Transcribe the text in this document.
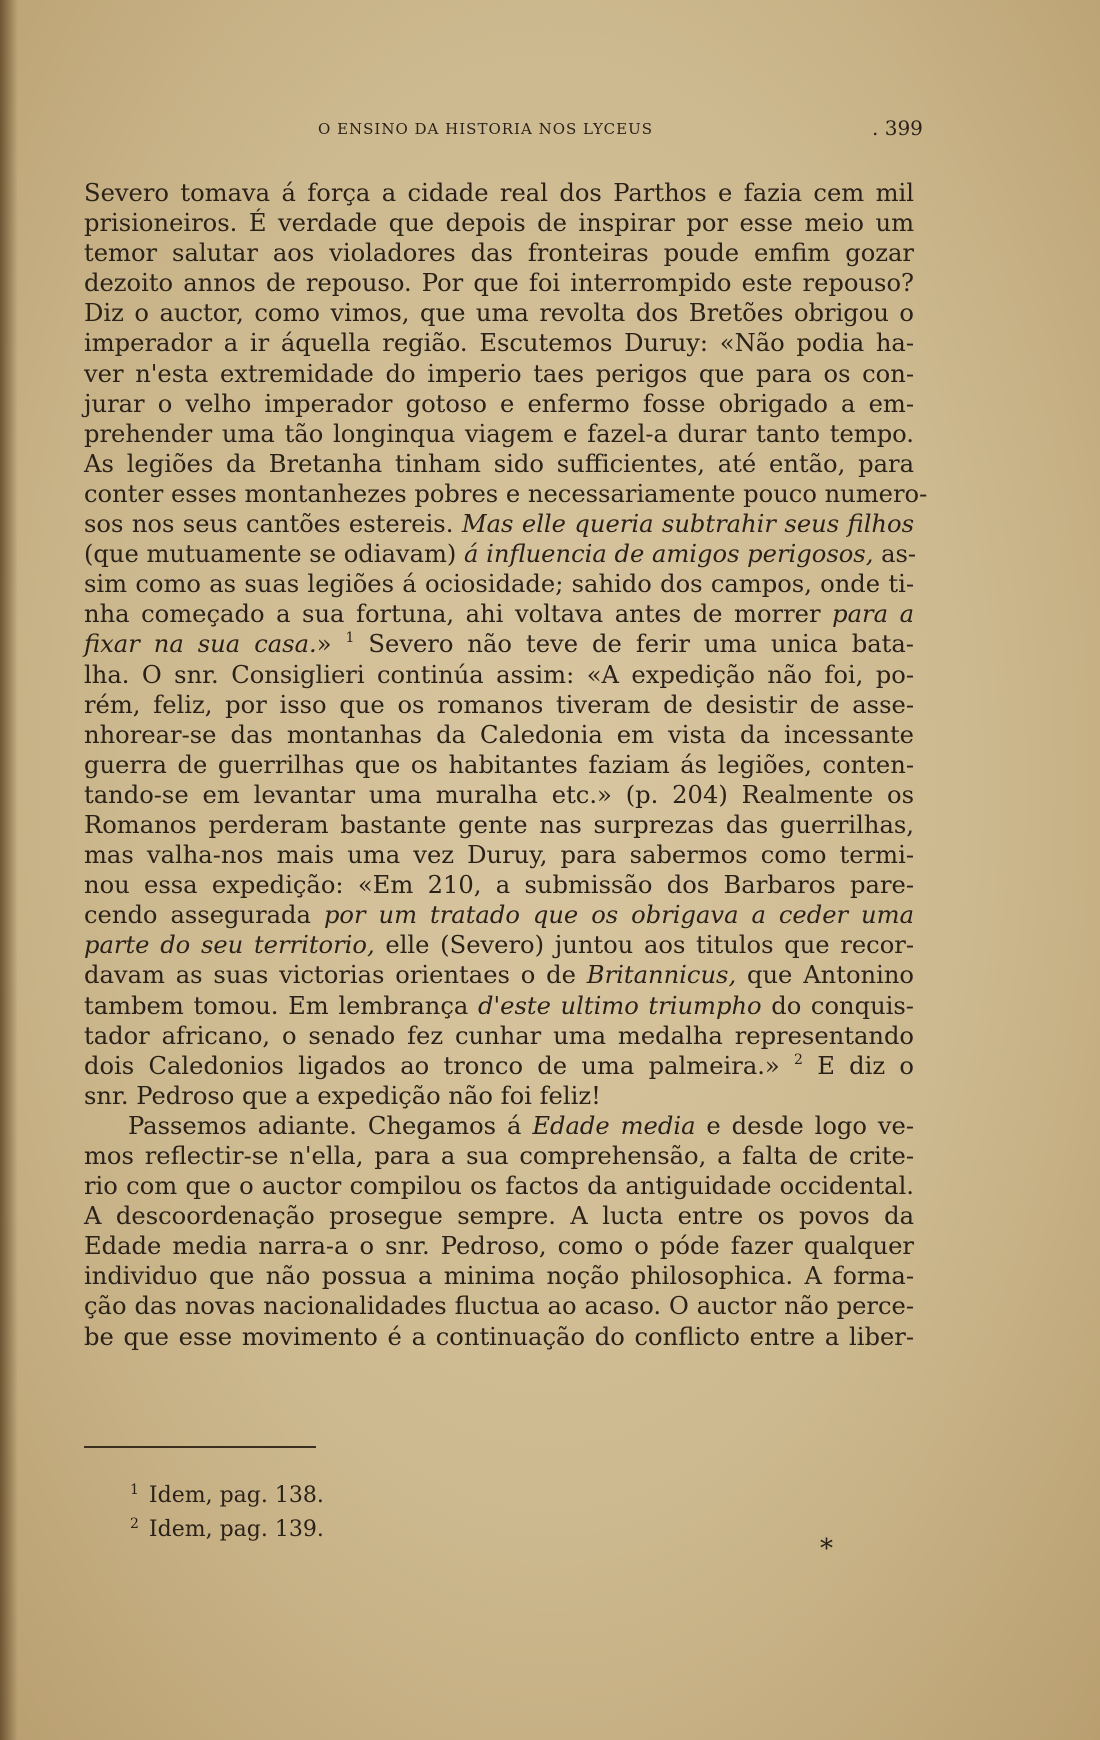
O ENSINO DA HISTORIA NOS LYCEUS	. 399
Severo tomava á força a cidade real dos Parthos e fazia cem mil
prisioneiros. É verdade que depois de inspirar por esse meio um
temor salutar aos violadores das fronteiras poude emfim gozar
dezoito annos de repouso. Por que foi interrompido este repouso?
Diz o auctor, como vimos, que uma revolta dos Bretões obrigou o
imperador a ir áquella região. Escutemos Duruy: «Não podia ha-
ver n'esta extremidade do imperio taes perigos que para os con-
jurar o velho imperador gotoso e enfermo fosse obrigado a em-
prehender uma tão longinqua viagem e fazel-a durar tanto tempo.
As legiões da Bretanha tinham sido sufficientes, até então, para
conter esses montanhezes pobres e necessariamente pouco numero-
sos nos seus cantões estereis. Mas elle queria subtrahir seus filhos
(que mutuamente se odiavam) á influencia de amigos perigosos, as-
sim como as suas legiões á ociosidade; sahido dos campos, onde ti-
nha começado a sua fortuna, ahi voltava antes de morrer para a
fixar na sua casa.» $^1$ Severo não teve de ferir uma unica bata-
lha. O snr. Consiglieri continúa assim: «A expedição não foi, po-
rém, feliz, por isso que os romanos tiveram de desistir de asse-
nhorear-se das montanhas da Caledonia em vista da incessante
guerra de guerrilhas que os habitantes faziam ás legiões, conten-
tando-se em levantar uma muralha etc.» (p. 204) Realmente os
Romanos perderam bastante gente nas surprezas das guerrilhas,
mas valha-nos mais uma vez Duruy, para sabermos como termi-
nou essa expedição: «Em 210, a submissão dos Barbaros pare-
cendo assegurada por um tratado que os obrigava a ceder uma
parte do seu territorio, elle (Severo) juntou aos titulos que recor-
davam as suas victorias orientaes o de Britannicus, que Antonino
tambem tomou. Em lembrança d'este ultimo triumpho do conquis-
tador africano, o senado fez cunhar uma medalha representando
dois Caledonios ligados ao tronco de uma palmeira.» $^2$ E diz o
snr. Pedroso que a expedição não foi feliz!
Passemos adiante. Chegamos á Edade media e desde logo ve-
mos reflectir-se n'ella, para a sua comprehensão, a falta de crite-
rio com que o auctor compilou os factos da antiguidade occidental.
A descoordenação prosegue sempre. A lucta entre os povos da
Edade media narra-a o snr. Pedroso, como o póde fazer qualquer
individuo que não possua a minima noção philosophica. A forma-
ção das novas nacionalidades fluctua ao acaso. O auctor não perce-
be que esse movimento é a continuação do conflicto entre a liber-
$^1$ Idem, pag. 138.
$^2$ Idem, pag. 139.
*
